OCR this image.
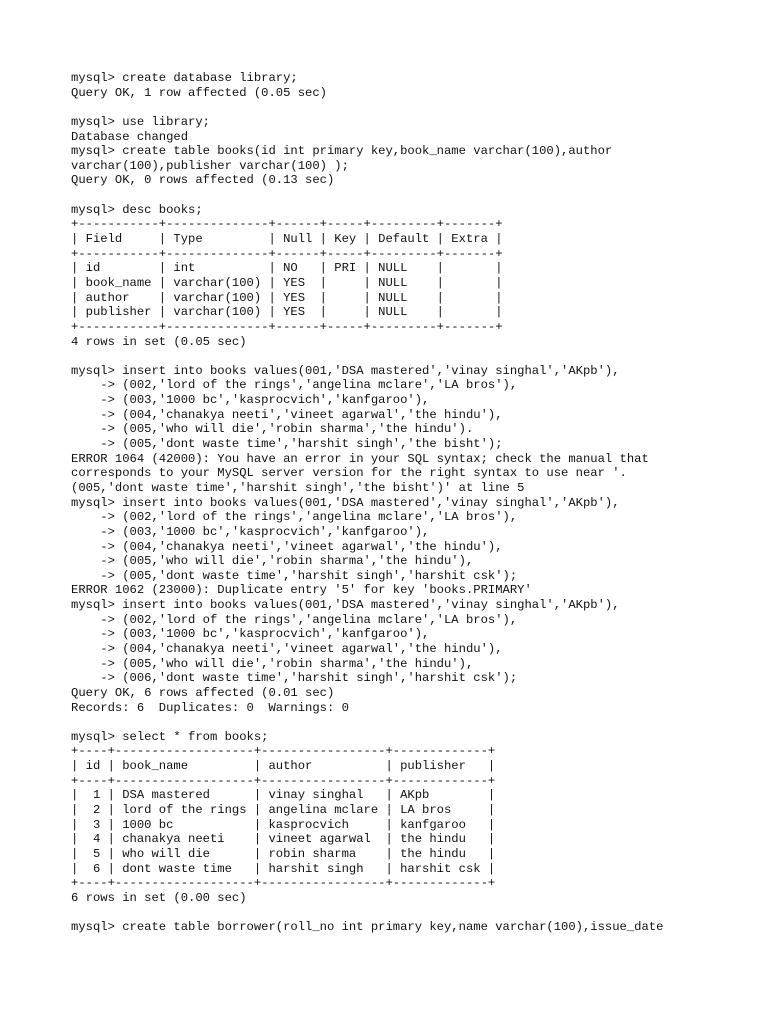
mysql> create database library;
Query OK, 1 row affected (0.05 sec)
mysql> use library;
Database changed
mysql> create table books(id int primary key,book_name varchar(100),author
varchar(100),publisher varchar(100) );
Query OK, 0 rows affected (0.13 sec)
mysql> desc books;
+-----------+--------------+------+-----+---------+-------+
| Field     | Type         | Null | Key | Default | Extra |
+-----------+--------------+------+-----+---------+-------+
| id        | int          | NO   | PRI | NULL    |       |
| book_name | varchar(100) | YES  |     | NULL    |       |
| author    | varchar(100) | YES  |     | NULL    |       |
| publisher | varchar(100) | YES  |     | NULL    |       |
+-----------+--------------+------+-----+---------+-------+
4 rows in set (0.05 sec)
mysql> insert into books values(001,'DSA mastered','vinay singhal','AKpb'),
-> (002,'lord of the rings','angelina mclare','LA bros'),
-> (003,'1000 bc','kasprocvich','kanfgaroo'),
-> (004,'chanakya neeti','vineet agarwal','the hindu'),
-> (005,'who will die','robin sharma','the hindu').
-> (005,'dont waste time','harshit singh','the bisht');
ERROR 1064 (42000): You have an error in your SQL syntax; check the manual that
corresponds to your MySQL server version for the right syntax to use near '.
(005,'dont waste time','harshit singh','the bisht')' at line 5
mysql> insert into books values(001,'DSA mastered','vinay singhal','AKpb'),
-> (002,'lord of the rings','angelina mclare','LA bros'),
-> (003,'1000 bc','kasprocvich','kanfgaroo'),
-> (004,'chanakya neeti','vineet agarwal','the hindu'),
-> (005,'who will die','robin sharma','the hindu'),
-> (005,'dont waste time','harshit singh','harshit csk');
ERROR 1062 (23000): Duplicate entry '5' for key 'books.PRIMARY'
mysql> insert into books values(001,'DSA mastered','vinay singhal','AKpb'),
-> (002,'lord of the rings','angelina mclare','LA bros'),
-> (003,'1000 bc','kasprocvich','kanfgaroo'),
-> (004,'chanakya neeti','vineet agarwal','the hindu'),
-> (005,'who will die','robin sharma','the hindu'),
-> (006,'dont waste time','harshit singh','harshit csk');
Query OK, 6 rows affected (0.01 sec)
Records: 6  Duplicates: 0  Warnings: 0
mysql> select * from books;
+----+-------------------+-----------------+-------------+
| id | book_name         | author          | publisher   |
+----+-------------------+-----------------+-------------+
|  1 | DSA mastered      | vinay singhal   | AKpb        |
|  2 | lord of the rings | angelina mclare | LA bros     |
|  3 | 1000 bc           | kasprocvich     | kanfgaroo   |
|  4 | chanakya neeti    | vineet agarwal  | the hindu   |
|  5 | who will die      | robin sharma    | the hindu   |
|  6 | dont waste time   | harshit singh   | harshit csk |
+----+-------------------+-----------------+-------------+
6 rows in set (0.00 sec)
mysql> create table borrower(roll_no int primary key,name varchar(100),issue_date
